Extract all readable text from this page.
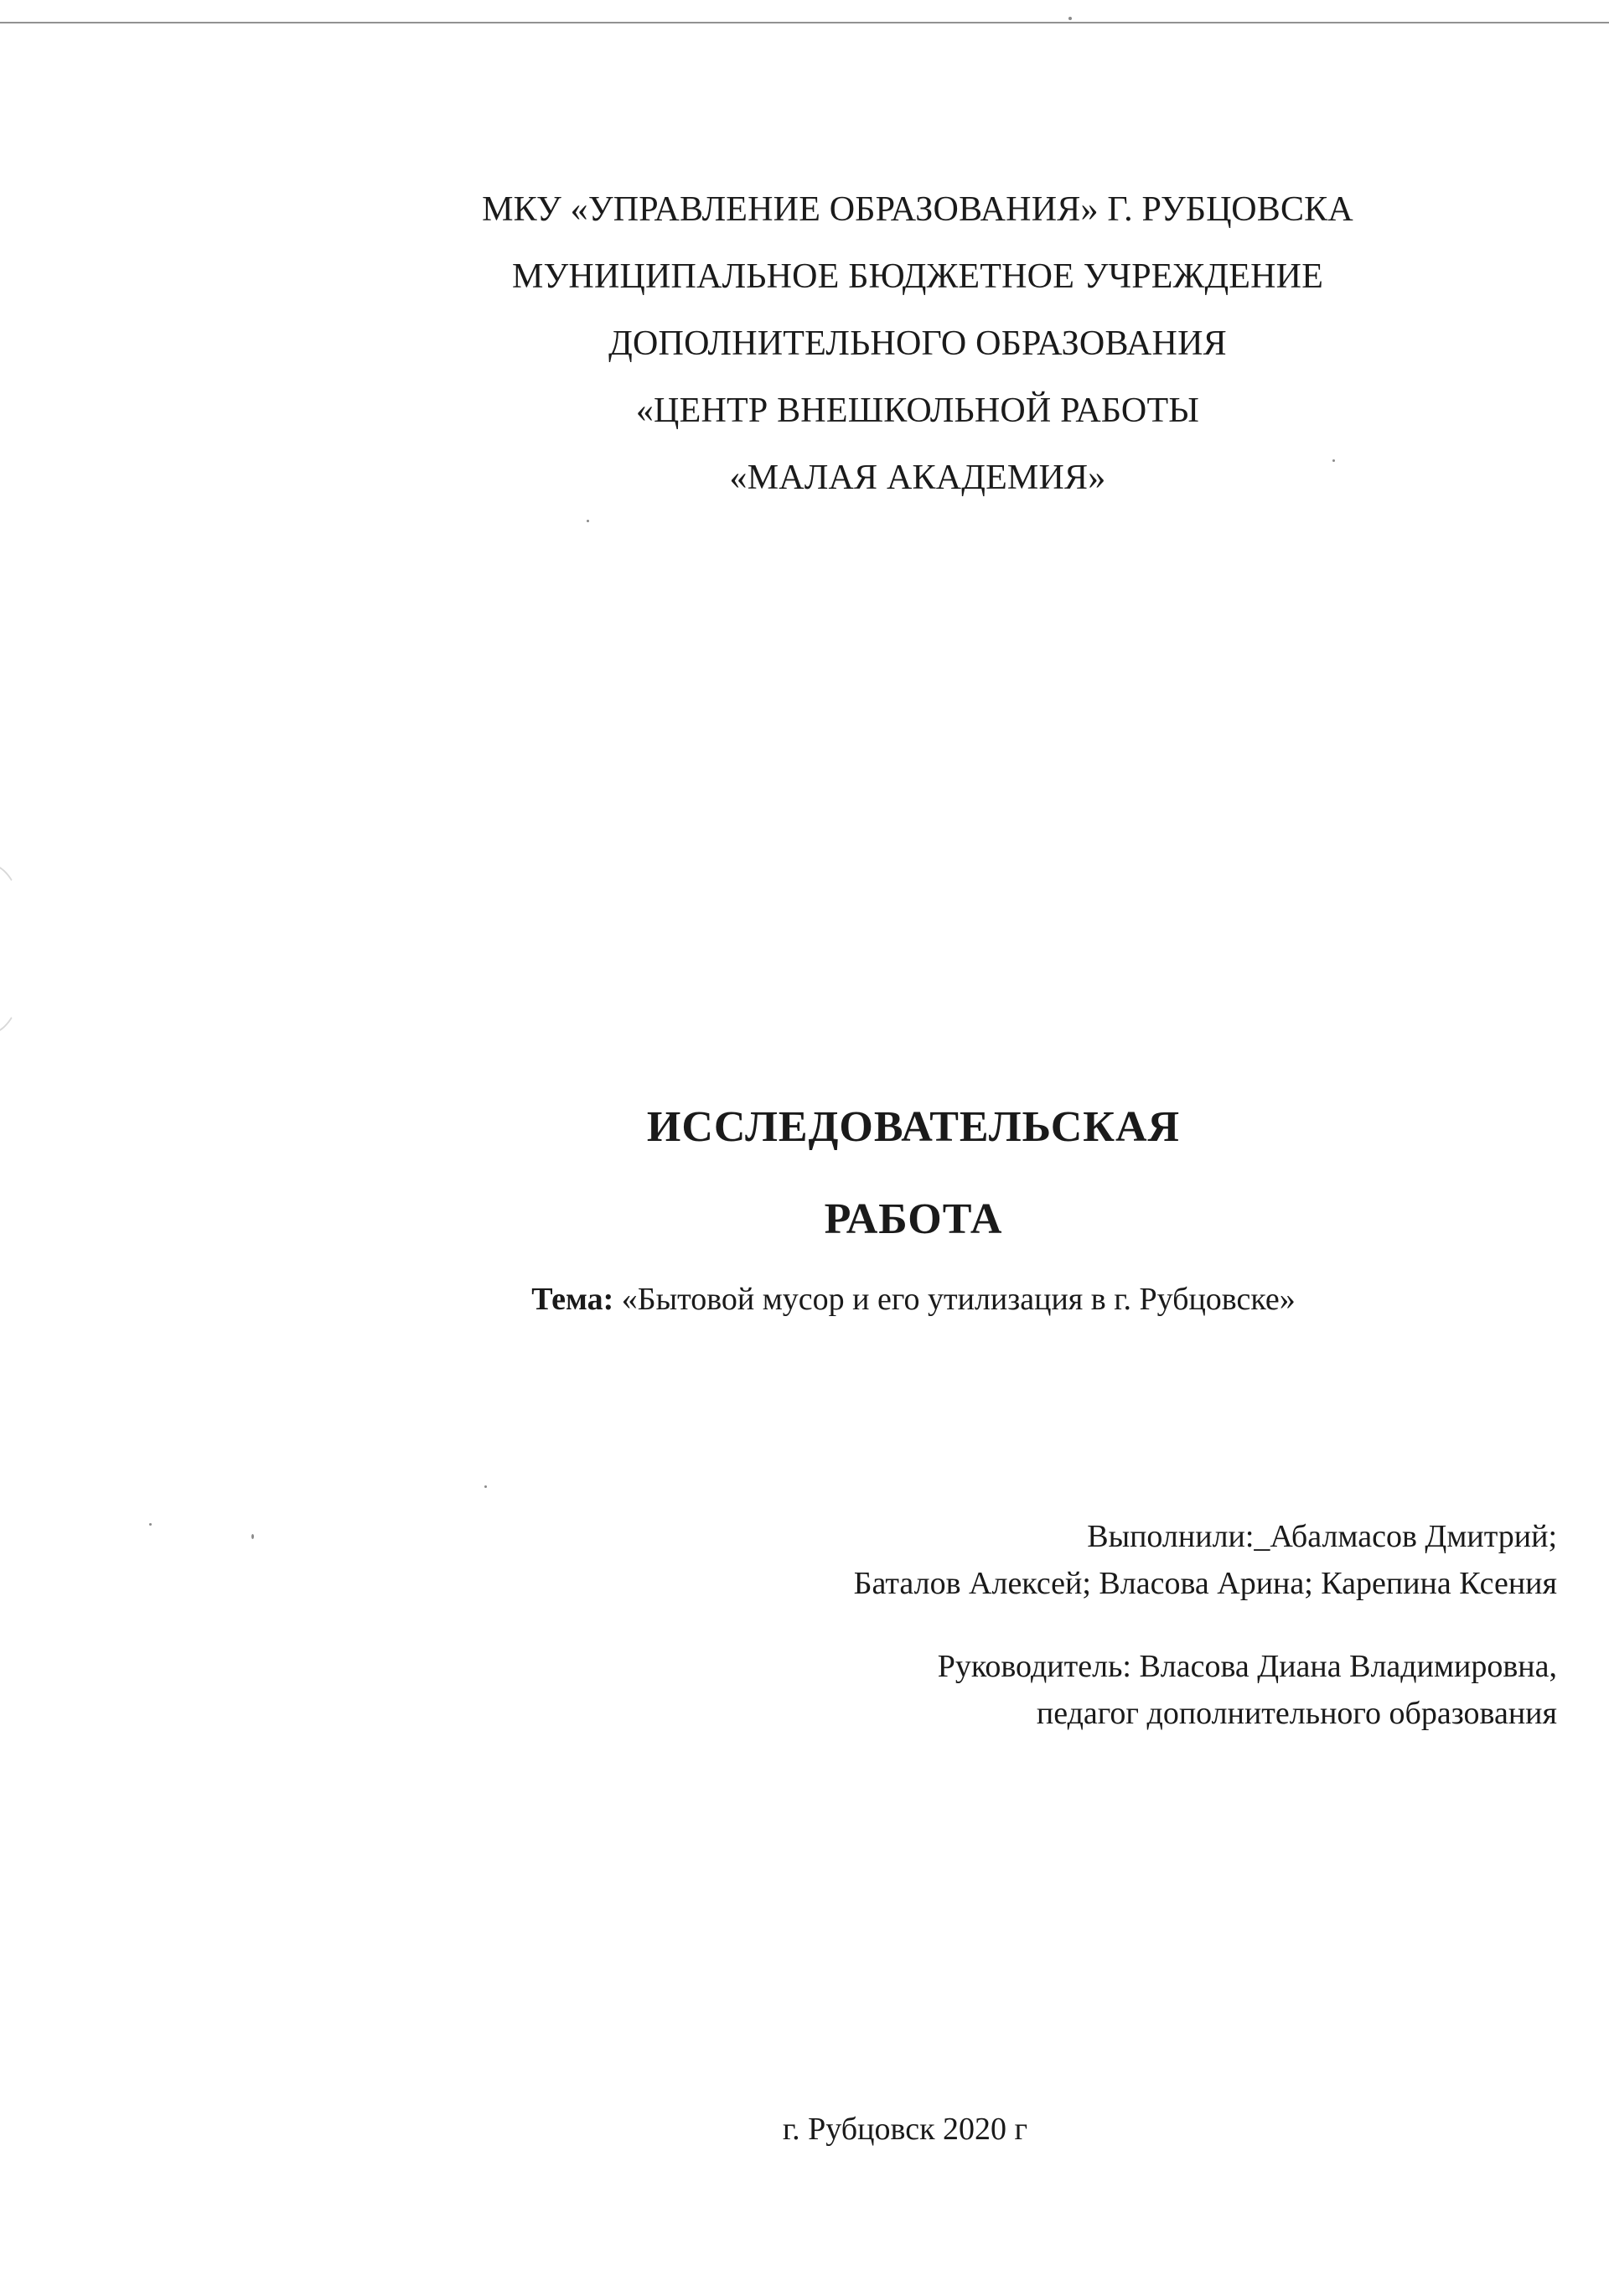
МКУ «УПРАВЛЕНИЕ ОБРАЗОВАНИЯ» Г. РУБЦОВСКА
МУНИЦИПАЛЬНОЕ БЮДЖЕТНОЕ УЧРЕЖДЕНИЕ
ДОПОЛНИТЕЛЬНОГО ОБРАЗОВАНИЯ
«ЦЕНТР ВНЕШКОЛЬНОЙ РАБОТЫ
«МАЛАЯ АКАДЕМИЯ»
ИССЛЕДОВАТЕЛЬСКАЯ
РАБОТА
Тема: «Бытовой мусор и его утилизация в г. Рубцовске»
Выполнили:_Абалмасов Дмитрий;
Баталов Алексей; Власова Арина; Карепина Ксения
Руководитель: Власова Диана Владимировна,
педагог дополнительного образования
г. Рубцовск 2020 г
